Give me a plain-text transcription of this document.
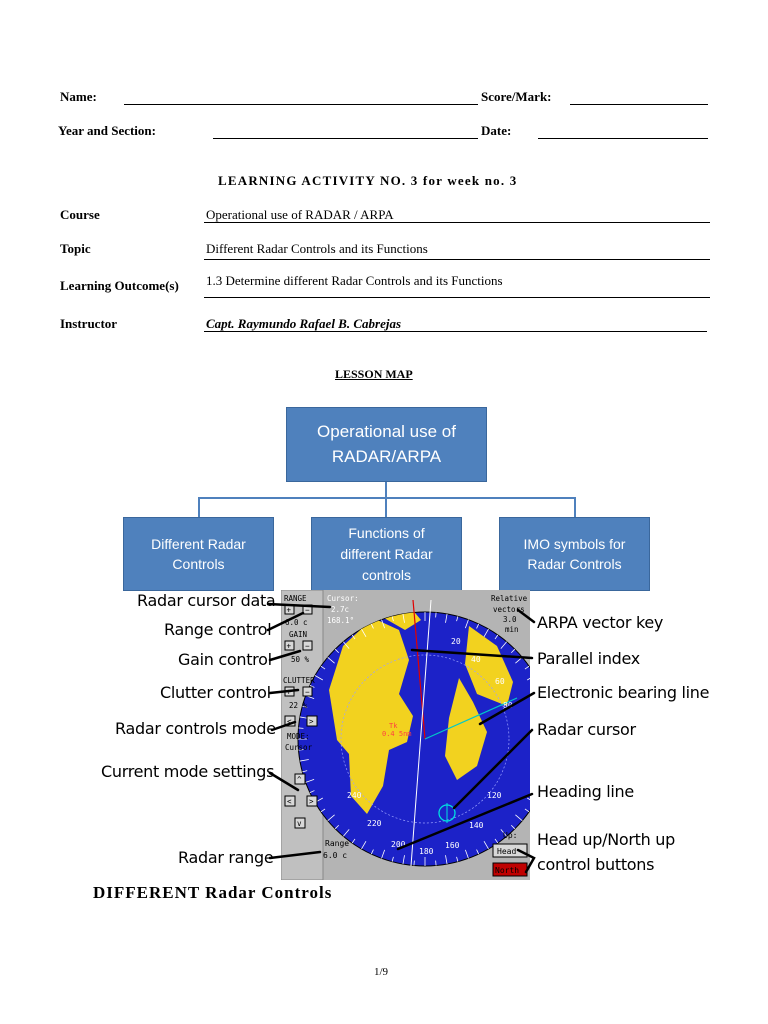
Name:	Score/Mark:
Year and Section:	Date:
LEARNING ACTIVITY NO. 3 for week no. 3
Course	Operational use of RADAR / ARPA
Topic	Different Radar Controls and its Functions
Learning Outcome(s) 1.3 Determine different Radar Controls and its Functions
Instructor	Capt. Raymundo Rafael B. Cabrejas
LESSON MAP
Operational use of
RADAR/ARPA
Different Radar
Controls
Functions of
different Radar
controls
IMO symbols for
Radar Controls
Tk
0.4 5nm
20
40
60
80
120
140
160
180
200
220
240
RANGE
+ −
6.0 c
GAIN
+ −
50 %
CLUTTER
+ −
22 %
< >
MODE:
Cursor
^
< >
v
Cursor:
2.7c
168.1°
Relative
vectors
3.0
min
Range
6.0 c
Up:
Head
North
Radar cursor data
Range control
Gain control
Clutter control
Radar controls mode
Current mode settings
Radar range
ARPA vector key
Parallel index
Electronic bearing line
Radar cursor
Heading line
Head up/North up
control buttons
DIFFERENT Radar Controls
1/9
